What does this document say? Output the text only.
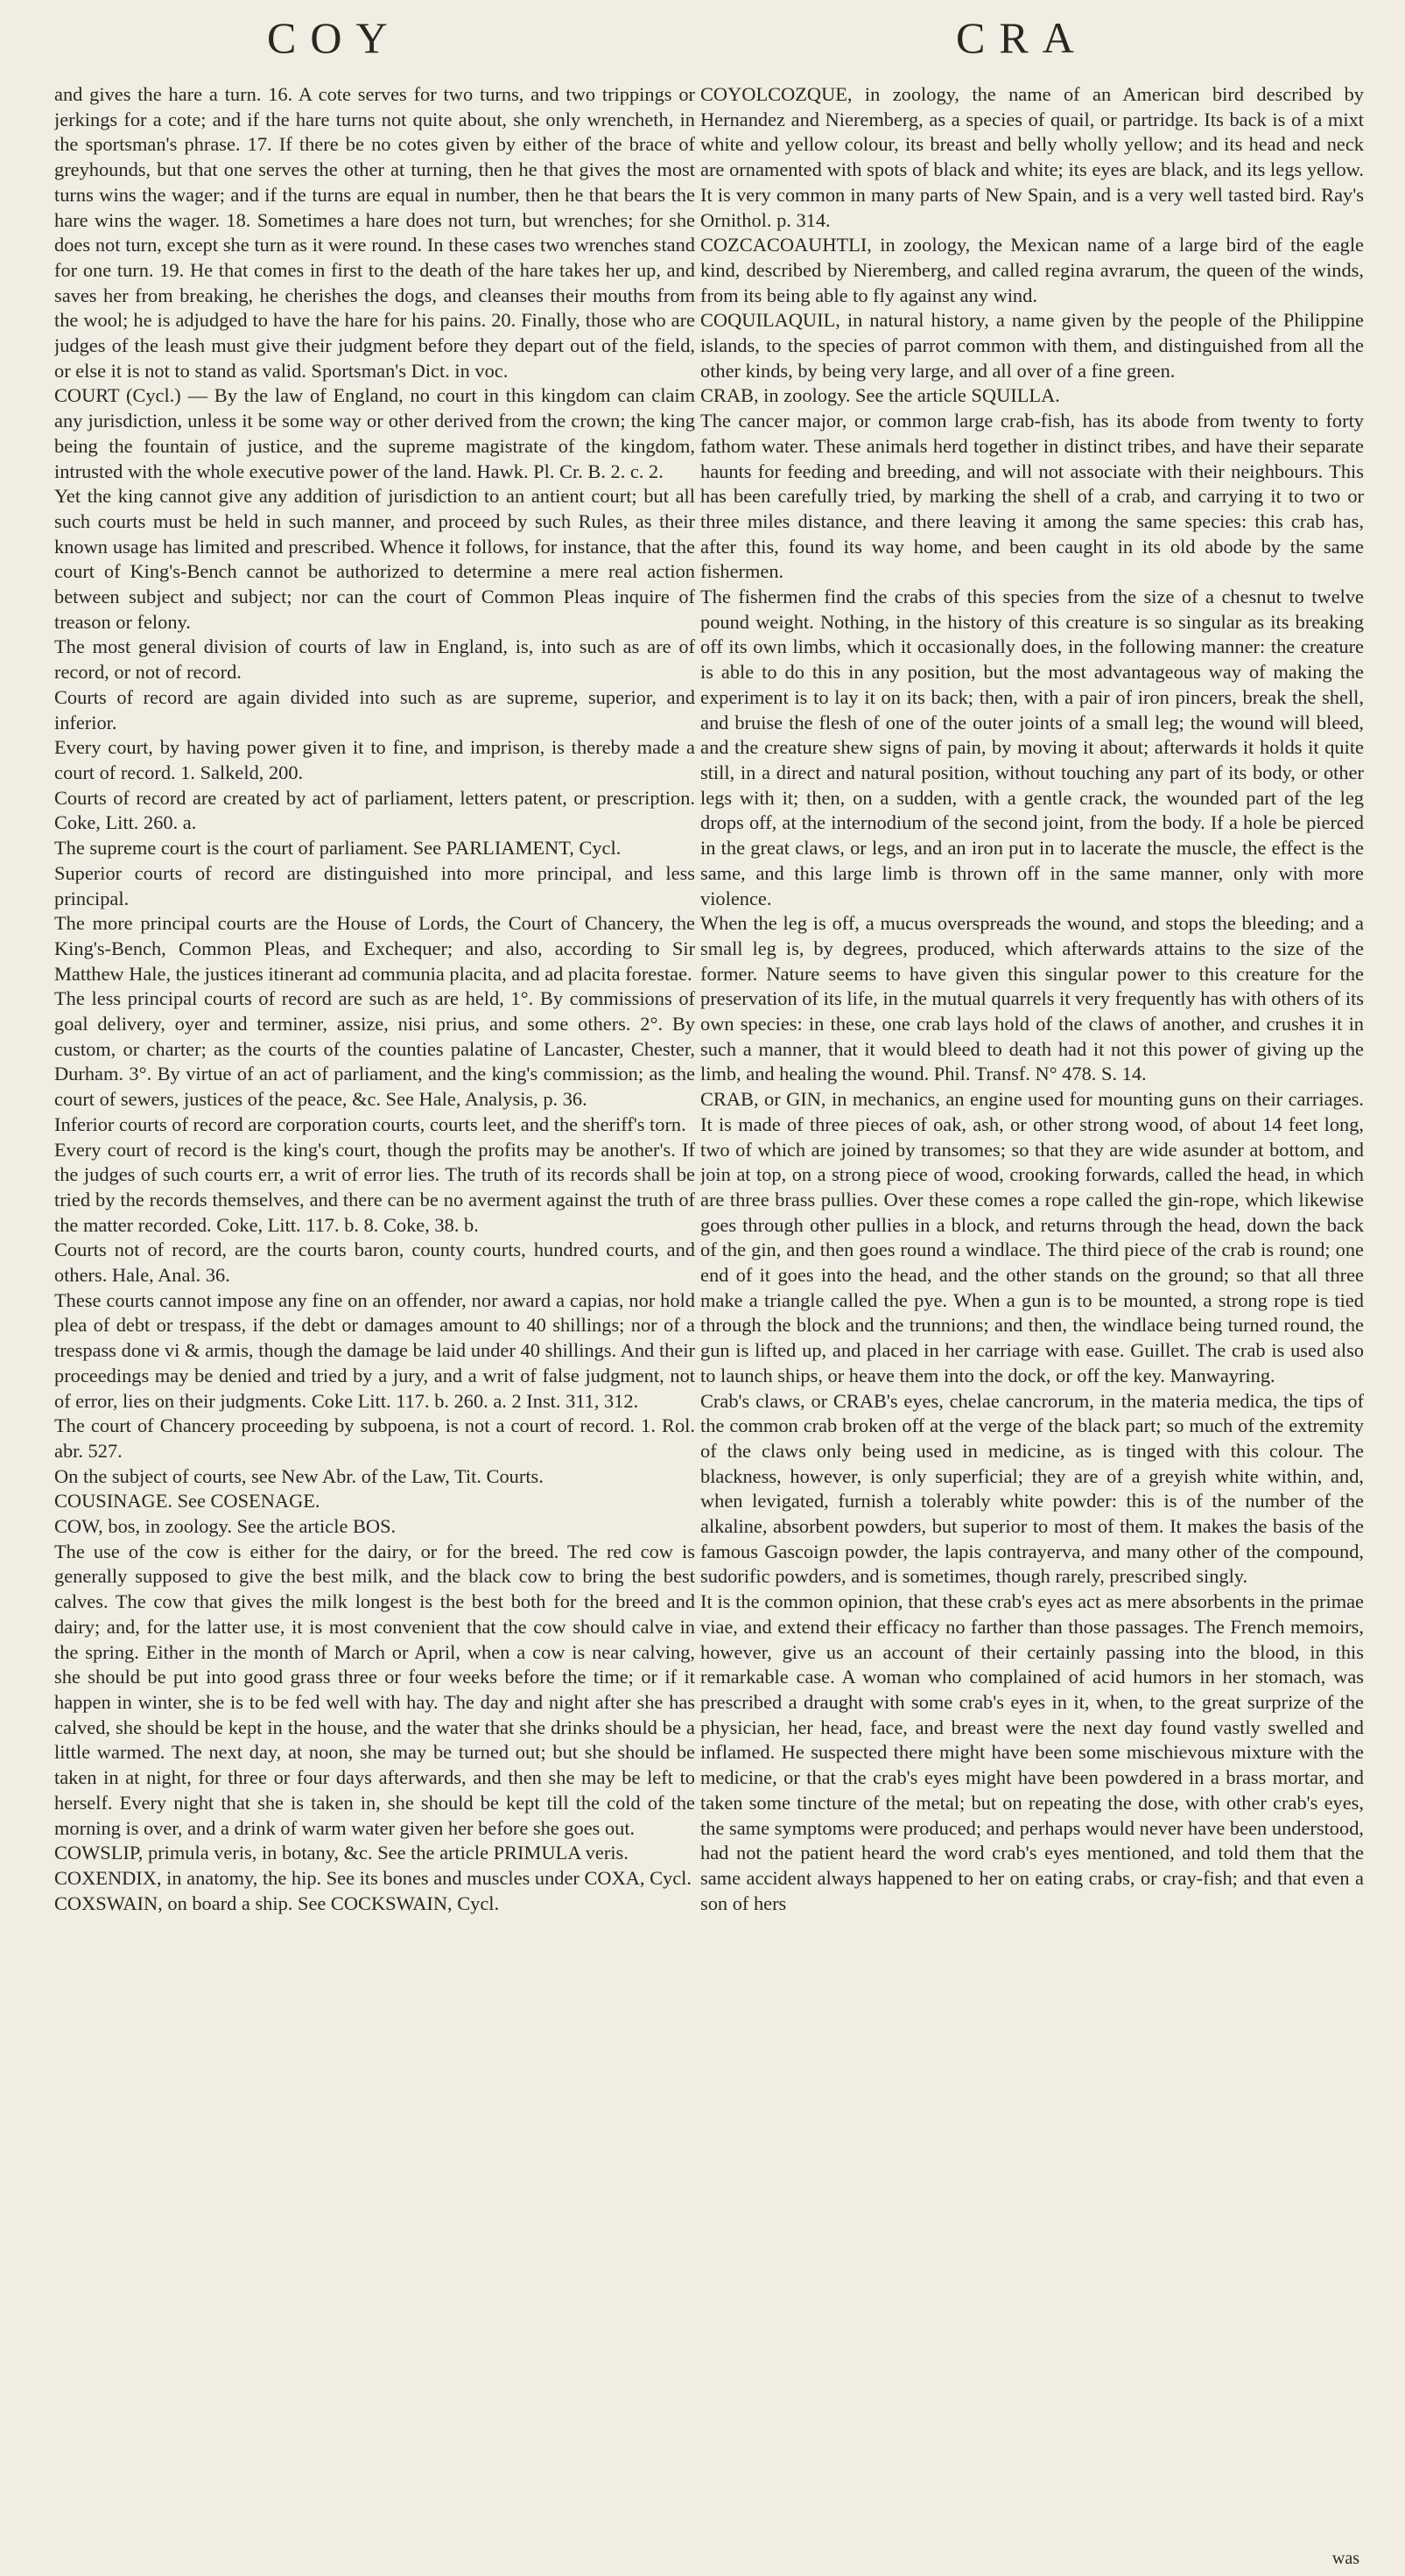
COY	CRA

and gives the hare a turn. 16. A cote serves for two turns, and two trippings or jerkings for a cote; and if the hare turns not quite about, she only wrencheth, in the sportsman's phrase. 17. If there be no cotes given by either of the brace of greyhounds, but that one serves the other at turning, then he that gives the most turns wins the wager; and if the turns are equal in number, then he that bears the hare wins the wager. 18. Sometimes a hare does not turn, but wrenches; for she does not turn, except she turn as it were round. In these cases two wrenches stand for one turn. 19. He that comes in first to the death of the hare takes her up, and saves her from breaking, he cherishes the dogs, and cleanses their mouths from the wool; he is adjudged to have the hare for his pains. 20. Finally, those who are judges of the leash must give their judgment before they depart out of the field, or else it is not to stand as valid. Sportsman's Dict. in voc.

COURT (Cycl.) — By the law of England, no court in this kingdom can claim any jurisdiction, unless it be some way or other derived from the crown; the king being the fountain of justice, and the supreme magistrate of the kingdom, intrusted with the whole executive power of the land. Hawk. Pl. Cr. B. 2. c. 2.

Yet the king cannot give any addition of jurisdiction to an antient court; but all such courts must be held in such manner, and proceed by such Rules, as their known usage has limited and prescribed. Whence it follows, for instance, that the court of King's-Bench cannot be authorized to determine a mere real action between subject and subject; nor can the court of Common Pleas inquire of treason or felony.

The most general division of courts of law in England, is, into such as are of record, or not of record.

Courts of record are again divided into such as are supreme, superior, and inferior.

Every court, by having power given it to fine, and imprison, is thereby made a court of record. 1. Salkeld, 200.

Courts of record are created by act of parliament, letters patent, or prescription. Coke, Litt. 260. a.

The supreme court is the court of parliament. See PARLIAMENT, Cycl.

Superior courts of record are distinguished into more principal, and less principal.

The more principal courts are the House of Lords, the Court of Chancery, the King's-Bench, Common Pleas, and Exchequer; and also, according to Sir Matthew Hale, the justices itinerant ad communia placita, and ad placita forestae.

The less principal courts of record are such as are held, 1°. By commissions of goal delivery, oyer and terminer, assize, nisi prius, and some others. 2°. By custom, or charter; as the courts of the counties palatine of Lancaster, Chester, Durham. 3°. By virtue of an act of parliament, and the king's commission; as the court of sewers, justices of the peace, &c. See Hale, Analysis, p. 36.

Inferior courts of record are corporation courts, courts leet, and the sheriff's torn.

Every court of record is the king's court, though the profits may be another's. If the judges of such courts err, a writ of error lies. The truth of its records shall be tried by the records themselves, and there can be no averment against the truth of the matter recorded. Coke, Litt. 117. b. 8. Coke, 38. b.

Courts not of record, are the courts baron, county courts, hundred courts, and others. Hale, Anal. 36.

These courts cannot impose any fine on an offender, nor award a capias, nor hold plea of debt or trespass, if the debt or damages amount to 40 shillings; nor of a trespass done vi & armis, though the damage be laid under 40 shillings. And their proceedings may be denied and tried by a jury, and a writ of false judgment, not of error, lies on their judgments. Coke Litt. 117. b. 260. a. 2 Inst. 311, 312.

The court of Chancery proceeding by subpoena, is not a court of record. 1. Rol. abr. 527.

On the subject of courts, see New Abr. of the Law, Tit. Courts.

COUSINAGE. See COSENAGE.

COW, bos, in zoology. See the article BOS.

The use of the cow is either for the dairy, or for the breed. The red cow is generally supposed to give the best milk, and the black cow to bring the best calves. The cow that gives the milk longest is the best both for the breed and dairy; and, for the latter use, it is most convenient that the cow should calve in the spring. Either in the month of March or April, when a cow is near calving, she should be put into good grass three or four weeks before the time; or if it happen in winter, she is to be fed well with hay. The day and night after she has calved, she should be kept in the house, and the water that she drinks should be a little warmed. The next day, at noon, she may be turned out; but she should be taken in at night, for three or four days afterwards, and then she may be left to herself. Every night that she is taken in, she should be kept till the cold of the morning is over, and a drink of warm water given her before she goes out.

COWSLIP, primula veris, in botany, &c. See the article PRIMULA veris.

COXENDIX, in anatomy, the hip. See its bones and muscles under COXA, Cycl.

COXSWAIN, on board a ship. See COCKSWAIN, Cycl.

COYOLCOZQUE, in zoology, the name of an American bird described by Hernandez and Nieremberg, as a species of quail, or partridge. Its back is of a mixt white and yellow colour, its breast and belly wholly yellow; and its head and neck are ornamented with spots of black and white; its eyes are black, and its legs yellow. It is very common in many parts of New Spain, and is a very well tasted bird. Ray's Ornithol. p. 314.

COZCACOAUHTLI, in zoology, the Mexican name of a large bird of the eagle kind, described by Nieremberg, and called regina avrarum, the queen of the winds, from its being able to fly against any wind.

COQUILAQUIL, in natural history, a name given by the people of the Philippine islands, to the species of parrot common with them, and distinguished from all the other kinds, by being very large, and all over of a fine green.

CRAB, in zoology. See the article SQUILLA.

The cancer major, or common large crab-fish, has its abode from twenty to forty fathom water. These animals herd together in distinct tribes, and have their separate haunts for feeding and breeding, and will not associate with their neighbours. This has been carefully tried, by marking the shell of a crab, and carrying it to two or three miles distance, and there leaving it among the same species: this crab has, after this, found its way home, and been caught in its old abode by the same fishermen.

The fishermen find the crabs of this species from the size of a chesnut to twelve pound weight. Nothing, in the history of this creature is so singular as its breaking off its own limbs, which it occasionally does, in the following manner: the creature is able to do this in any position, but the most advantageous way of making the experiment is to lay it on its back; then, with a pair of iron pincers, break the shell, and bruise the flesh of one of the outer joints of a small leg; the wound will bleed, and the creature shew signs of pain, by moving it about; afterwards it holds it quite still, in a direct and natural position, without touching any part of its body, or other legs with it; then, on a sudden, with a gentle crack, the wounded part of the leg drops off, at the internodium of the second joint, from the body. If a hole be pierced in the great claws, or legs, and an iron put in to lacerate the muscle, the effect is the same, and this large limb is thrown off in the same manner, only with more violence.

When the leg is off, a mucus overspreads the wound, and stops the bleeding; and a small leg is, by degrees, produced, which afterwards attains to the size of the former. Nature seems to have given this singular power to this creature for the preservation of its life, in the mutual quarrels it very frequently has with others of its own species: in these, one crab lays hold of the claws of another, and crushes it in such a manner, that it would bleed to death had it not this power of giving up the limb, and healing the wound. Phil. Transf. N° 478. S. 14.

CRAB, or GIN, in mechanics, an engine used for mounting guns on their carriages. It is made of three pieces of oak, ash, or other strong wood, of about 14 feet long, two of which are joined by transomes; so that they are wide asunder at bottom, and join at top, on a strong piece of wood, crooking forwards, called the head, in which are three brass pullies. Over these comes a rope called the gin-rope, which likewise goes through other pullies in a block, and returns through the head, down the back of the gin, and then goes round a windlace. The third piece of the crab is round; one end of it goes into the head, and the other stands on the ground; so that all three make a triangle called the pye. When a gun is to be mounted, a strong rope is tied through the block and the trunnions; and then, the windlace being turned round, the gun is lifted up, and placed in her carriage with ease. Guillet. The crab is used also to launch ships, or heave them into the dock, or off the key. Manwayring.

Crab's claws, or CRAB's eyes, chelae cancrorum, in the materia medica, the tips of the common crab broken off at the verge of the black part; so much of the extremity of the claws only being used in medicine, as is tinged with this colour. The blackness, however, is only superficial; they are of a greyish white within, and, when levigated, furnish a tolerably white powder: this is of the number of the alkaline, absorbent powders, but superior to most of them. It makes the basis of the famous Gascoign powder, the lapis contrayerva, and many other of the compound, sudorific powders, and is sometimes, though rarely, prescribed singly.

It is the common opinion, that these crab's eyes act as mere absorbents in the primae viae, and extend their efficacy no farther than those passages. The French memoirs, however, give us an account of their certainly passing into the blood, in this remarkable case. A woman who complained of acid humors in her stomach, was prescribed a draught with some crab's eyes in it, when, to the great surprize of the physician, her head, face, and breast were the next day found vastly swelled and inflamed. He suspected there might have been some mischievous mixture with the medicine, or that the crab's eyes might have been powdered in a brass mortar, and taken some tincture of the metal; but on repeating the dose, with other crab's eyes, the same symptoms were produced; and perhaps would never have been understood, had not the patient heard the word crab's eyes mentioned, and told them that the same accident always happened to her on eating crabs, or cray-fish; and that even a son of hers

was
